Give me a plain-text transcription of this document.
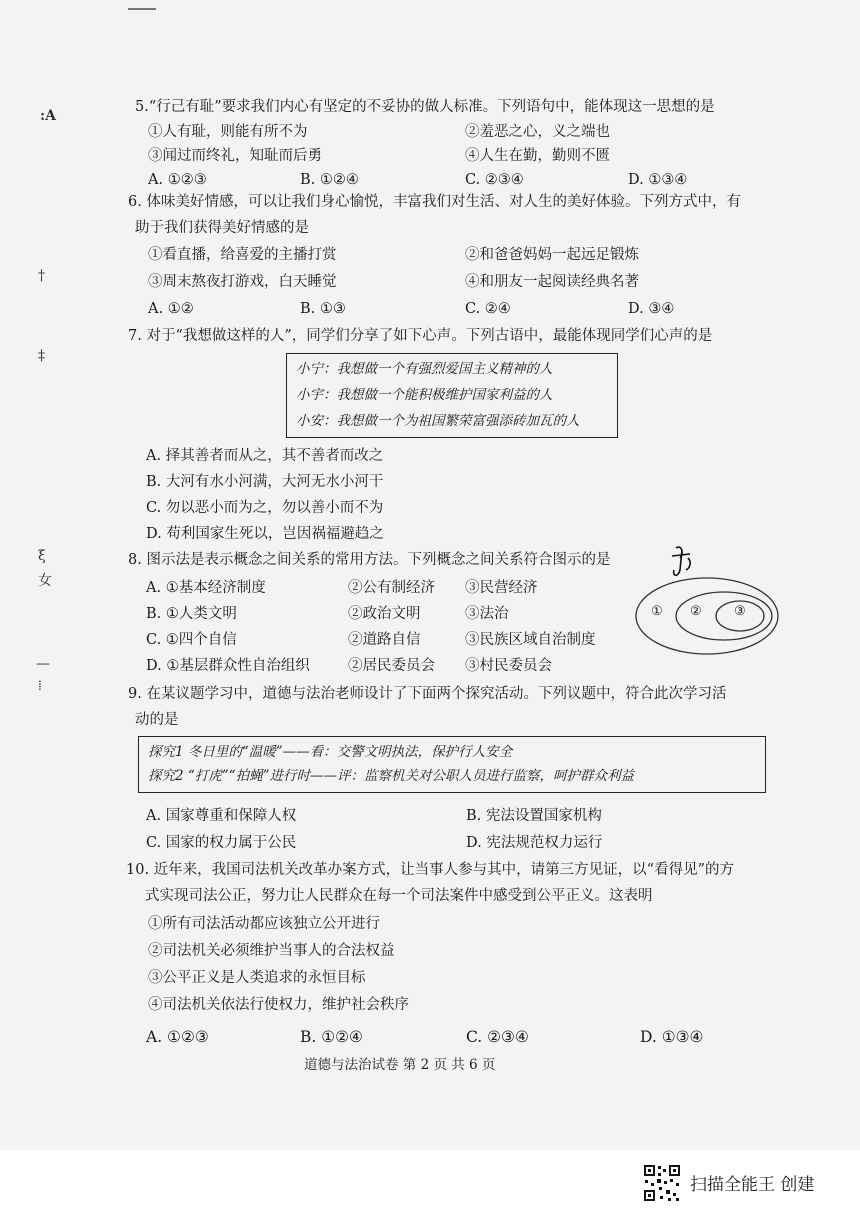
:A
†
‡
ξ
女
—
⁞
5.“行己有耻”要求我们内心有坚定的不妥协的做人标准。下列语句中，能体现这一思想的是
①人有耻，则能有所不为	②羞恶之心，义之端也
③闻过而终礼，知耻而后勇	④人生在勤，勤则不匮
A. ①②③	B. ①②④	C. ②③④	D. ①③④
6. 体味美好情感，可以让我们身心愉悦，丰富我们对生活、对人生的美好体验。下列方式中，有
助于我们获得美好情感的是
①看直播，给喜爱的主播打赏	②和爸爸妈妈一起远足锻炼
③周末熬夜打游戏，白天睡觉	④和朋友一起阅读经典名著
A. ①②	B. ①③	C. ②④	D. ③④
7. 对于“我想做这样的人”，同学们分享了如下心声。下列古语中，最能体现同学们心声的是
小宁：我想做一个有强烈爱国主义精神的人
小宇：我想做一个能积极维护国家利益的人
小安：我想做一个为祖国繁荣富强添砖加瓦的人
A. 择其善者而从之，其不善者而改之
B. 大河有水小河满，大河无水小河干
C. 勿以恶小而为之，勿以善小而不为
D. 苟利国家生死以，岂因祸福避趋之
8. 图示法是表示概念之间关系的常用方法。下列概念之间关系符合图示的是
A. ①基本经济制度	②公有制经济 ③民营经济
B. ①人类文明	②政治文明	③法治
C. ①四个自信	②道路自信	③民族区域自治制度
D. ①基层群众性自治组织	②居民委员会 ③村民委员会
① ② ③
9. 在某议题学习中，道德与法治老师设计了下面两个探究活动。下列议题中，符合此次学习活
动的是
探究1 冬日里的“温暖”——看：交警文明执法，保护行人安全
探究2 “打虎”“拍蝇”进行时——评：监察机关对公职人员进行监察，呵护群众利益
A. 国家尊重和保障人权	B. 宪法设置国家机构
C. 国家的权力属于公民	D. 宪法规范权力运行
10. 近年来，我国司法机关改革办案方式，让当事人参与其中，请第三方见证，以“看得见”的方
式实现司法公正，努力让人民群众在每一个司法案件中感受到公平正义。这表明
①所有司法活动都应该独立公开进行
②司法机关必须维护当事人的合法权益
③公平正义是人类追求的永恒目标
④司法机关依法行使权力，维护社会秩序
A. ①②③	B. ①②④	C. ②③④	D. ①③④
道德与法治试卷 第 2 页 共 6 页
扫描全能王 创建
